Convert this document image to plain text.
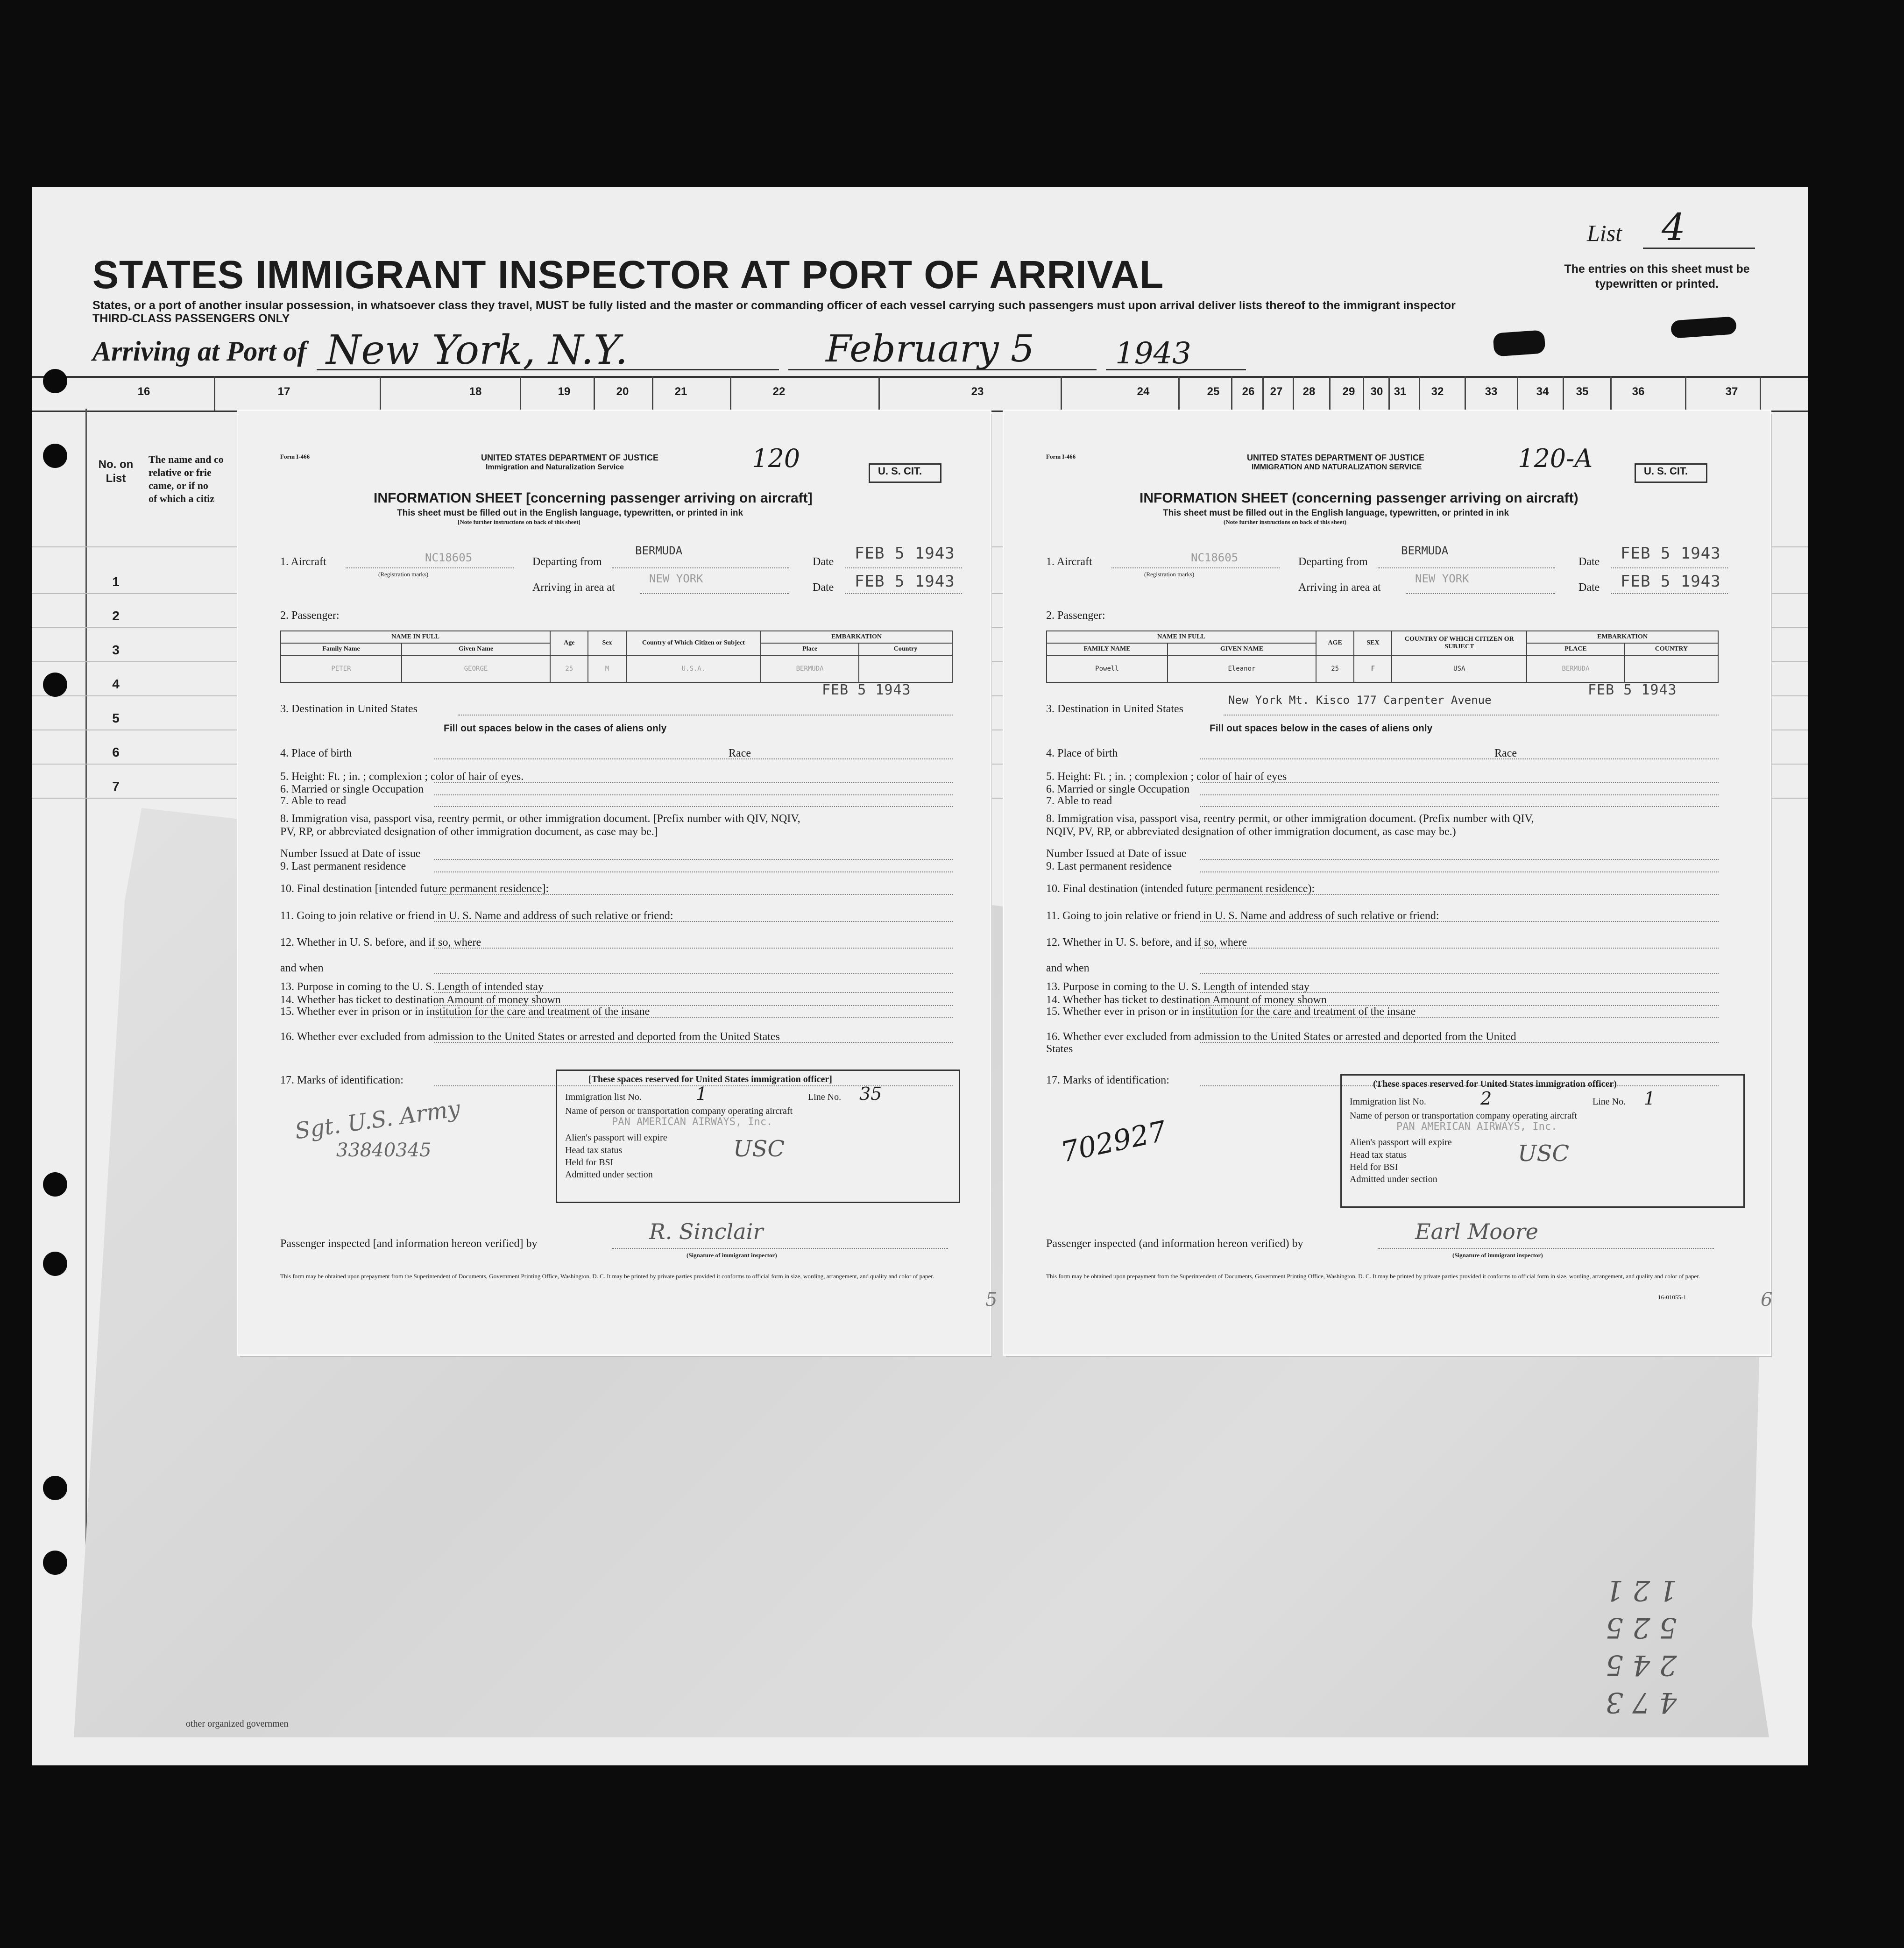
STATES IMMIGRANT INSPECTOR AT PORT OF ARRIVAL
States, or a port of another insular possession, in whatsoever class they travel, MUST be fully listed and the master or commanding officer of each vessel carrying such passengers must upon arrival deliver lists thereof to the immigrant inspector
THIRD-CLASS PASSENGERS ONLY
List	4
The entries on this sheet must be typewritten or printed.
Arriving at Port of New York, N.Y.	February 5	1943
16	17	18	19	20	21	22	23	24	25	26	27	28	29	30 31	32	33	34	35	36	37
No. on List
The name and co
relative or frie
came, or if no
of which a citiz
1
2
3
4
5
6
7
other organized governmen
1 2 1
5 2 5
2 4 5
4 7 3
Form I-466	UNITED STATES DEPARTMENT OF JUSTICE
Immigration and Naturalization Service	120	U. S. CIT.
INFORMATION SHEET [concerning passenger arriving on aircraft]
This sheet must be filled out in the English language, typewritten, or printed in ink
[Note further instructions on back of this sheet]
1. Aircraft	NC18605
(Registration marks)
Departing from
BERMUDA
Date FEB 5 1943
Arriving in area at
NEW YORK
Date FEB 5 1943
2. Passenger:
NAME IN FULL		Age	Sex	Country of Which Citizen or Subject	EMBARKATION	
Family Name	Given Name				Place	Country
PETER	GEORGE	25	M	U.S.A.	BERMUDA	
FEB 5 1943
3. Destination in United States
Fill out spaces below in the cases of aliens only
4. Place of birth
5. Height: Ft. ; in. ; complexion ; color of hair of eyes.
6. Married or single Occupation
7. Able to read
8. Immigration visa, passport visa, reentry permit, or other immigration document. [Prefix number with QIV, NQIV,
PV, RP, or abbreviated designation of other immigration document, as case may be.]
Number Issued at Date of issue
9. Last permanent residence
10. Final destination [intended future permanent residence]:
11. Going to join relative or friend in U. S. Name and address of such relative or friend:
12. Whether in U. S. before, and if so, where
and when
13. Purpose in coming to the U. S. Length of intended stay
14. Whether has ticket to destination Amount of money shown
15. Whether ever in prison or in institution for the care and treatment of the insane
16. Whether ever excluded from admission to the United States or arrested and deported from the United States
17. Marks of identification:
Race
Sgt. U.S. Army
33840345
[These spaces reserved for United States immigration officer]
Immigration list No.	1	Line No. 35
Name of person or transportation company operating aircraft
PAN AMERICAN AIRWAYS, Inc.
Alien's passport will expire
Head tax status	USC
Held for BSI
Admitted under section
Passenger inspected [and information hereon verified] by	R. Sinclair
(Signature of immigrant inspector)
This form may be obtained upon prepayment from the Superintendent of Documents, Government Printing Office, Washington, D. C. It may be printed by private parties provided it conforms to official form in size, wording, arrangement, and quality and color of paper.
5
Form I-466	UNITED STATES DEPARTMENT OF JUSTICE
IMMIGRATION AND NATURALIZATION SERVICE	120-A	U. S. CIT.
INFORMATION SHEET (concerning passenger arriving on aircraft)
This sheet must be filled out in the English language, typewritten, or printed in ink
(Note further instructions on back of this sheet)
1. Aircraft	NC18605
(Registration marks)
Departing from
BERMUDA
Date FEB 5 1943
Arriving in area at
NEW YORK
Date FEB 5 1943
2. Passenger:
NAME IN FULL		AGE	SEX	COUNTRY OF WHICH CITIZEN OR SUBJECT	EMBARKATION	
FAMILY NAME	GIVEN NAME				PLACE	COUNTRY
Powell	Eleanor	25	F	USA	BERMUDA	
FEB 5 1943
3. Destination in United States
New York Mt. Kisco 177 Carpenter Avenue
Fill out spaces below in the cases of aliens only
4. Place of birth
5. Height: Ft. ; in. ; complexion ; color of hair of eyes
6. Married or single Occupation
7. Able to read
8. Immigration visa, passport visa, reentry permit, or other immigration document. (Prefix number with QIV,
NQIV, PV, RP, or abbreviated designation of other immigration document, as case may be.)
Number Issued at Date of issue
9. Last permanent residence
10. Final destination (intended future permanent residence):
11. Going to join relative or friend in U. S. Name and address of such relative or friend:
12. Whether in U. S. before, and if so, where
and when
13. Purpose in coming to the U. S. Length of intended stay
14. Whether has ticket to destination Amount of money shown
15. Whether ever in prison or in institution for the care and treatment of the insane
16. Whether ever excluded from admission to the United States or arrested and deported from the United
States
17. Marks of identification:
Race
702927
(These spaces reserved for United States immigration officer)
Immigration list No.	2	Line No. 1
Name of person or transportation company operating aircraft
PAN AMERICAN AIRWAYS, Inc.
Alien's passport will expire
Head tax status	USC
Held for BSI
Admitted under section
Passenger inspected (and information hereon verified) by	Earl Moore
(Signature of immigrant inspector)
This form may be obtained upon prepayment from the Superintendent of Documents, Government Printing Office, Washington, D. C. It may be printed by private parties provided it conforms to official form in size, wording, arrangement, and quality and color of paper.
16-01055-1	6
